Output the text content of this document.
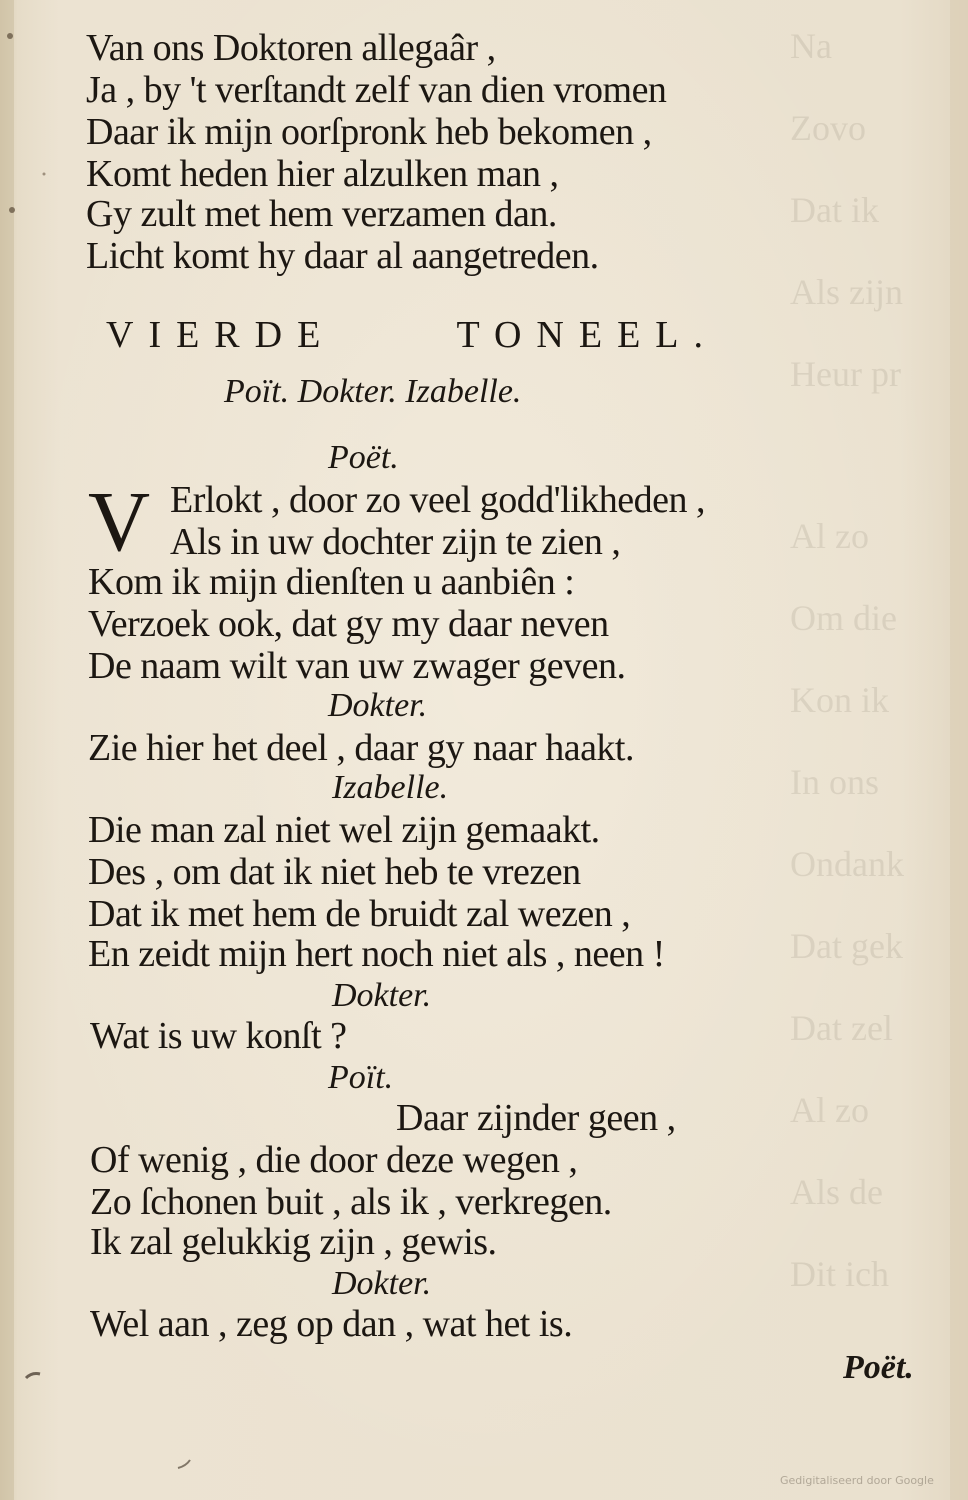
Na
Zovo
Dat ik
Als zijn
Heur pr
Al zo
Om die
Kon ik
In ons
Ondank
Dat gek
Dat zel
Al zo
Als de
Dit ich
Van ons Doktoren allegaâr ,
Ja , by 't verſtandt zelf van dien vromen
Daar ik mijn oorſpronk heb bekomen ,
Komt heden hier alzulken man ,
Gy zult met hem verzamen dan.
Licht komt hy daar al aangetreden.
VIERDE	TONEEL.
Poït. Dokter. Izabelle.
Poët.
V Erlokt , door zo veel godd'likheden ,
Als in uw dochter zijn te zien ,
Kom ik mijn dienſten u aanbiên :
Verzoek ook, dat gy my daar neven
De naam wilt van uw zwager geven.
Dokter.
Zie hier het deel , daar gy naar haakt.
Izabelle.
Die man zal niet wel zijn gemaakt.
Des , om dat ik niet heb te vrezen
Dat ik met hem de bruidt zal wezen ,
En zeidt mijn hert noch niet als , neen !
Dokter.
Wat is uw konſt ?
Poït.
Daar zijnder geen ,
Of wenig , die door deze wegen ,
Zo ſchonen buit , als ik , verkregen.
Ik zal gelukkig zijn , gewis.
Dokter.
Wel aan , zeg op dan , wat het is.
Poët.
Gedigitaliseerd door Google
